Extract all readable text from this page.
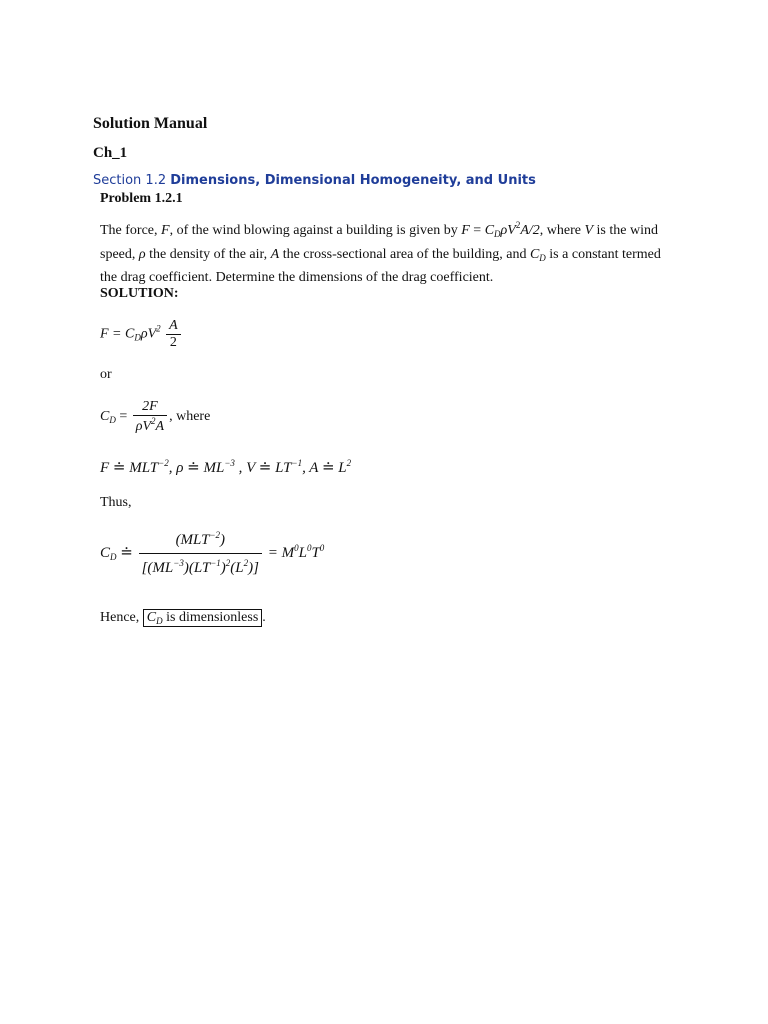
Solution Manual
Ch_1
Section 1.2 Dimensions, Dimensional Homogeneity, and Units
Problem 1.2.1
The force, F, of the wind blowing against a building is given by $F = C_D\rho V^2A/2$, where V is the wind speed, ρ the density of the air, A the cross-sectional area of the building, and $C_D$ is a constant termed the drag coefficient. Determine the dimensions of the drag coefficient.
SOLUTION:
$F = C_D\rho V^2 \frac{A}{2}$
or
$C_D = \frac{2F}{\rho V^2A}$ , where
F ≐ $MLT^{-2}$, ρ ≐ $ML^{-3}$ , V ≐ $LT^{-1}$, A ≐ $L^2$
Thus,
$C_D$ ≐ $\frac{(MLT^{-2})}{[(ML^{-3})(LT^{-1})^2(L^2)]} = M^0L^0T^0$
Hence, $C_D$ is dimensionless .
